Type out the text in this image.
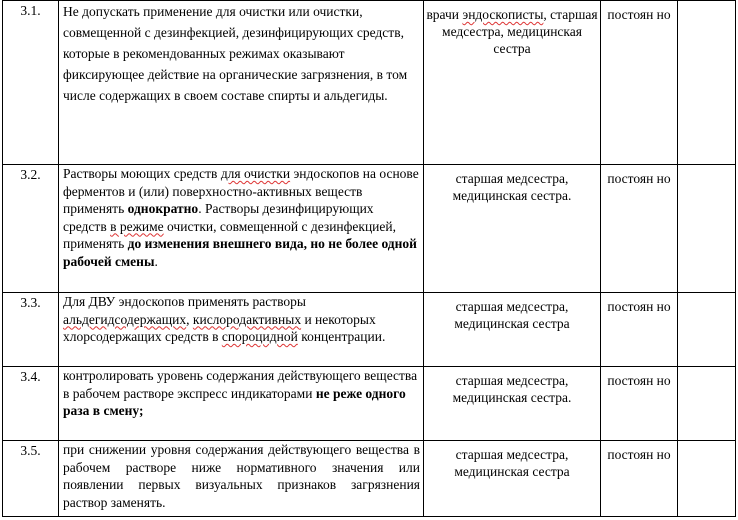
3.1.	Не допускать применение для очистки или очистки, совмещенной с дезинфекцией, дезинфицирующих средств, которые в рекомендованных режимах оказывают фиксирующее действие на органические загрязнения, в том числе содержащих в своем составе спирты и альдегиды.	врачи эндоскописты, старшая медсестра, медицинская сестра	постоян но	
3.2.	Растворы моющих средств для очистки эндоскопов на основе ферментов и (или) поверхностно-активных веществ применять однократно. Растворы дезинфицирующих средств в режиме очистки, совмещенной с дезинфекцией, применять до изменения внешнего вида, но не более одной рабочей смены.	старшая медсестра, медицинская сестра.	постоян но	
3.3.	Для ДВУ эндоскопов применять растворы альдегидсодержащих, кислородактивных и некоторых хлорсодержащих средств в спороцидной концентрации.	старшая медсестра, медицинская сестра	постоян но	
3.4.	контролировать уровень содержания действующего вещества в рабочем растворе экспресс индикаторами не реже одного раза в смену;	старшая медсестра, медицинская сестра.	постоян но	
3.5.	при снижении уровня содержания действующего вещества в рабочем растворе ниже нормативного значения или появлении первых визуальных признаков загрязнения раствор заменять.	старшая медсестра, медицинская сестра	постоян но	
